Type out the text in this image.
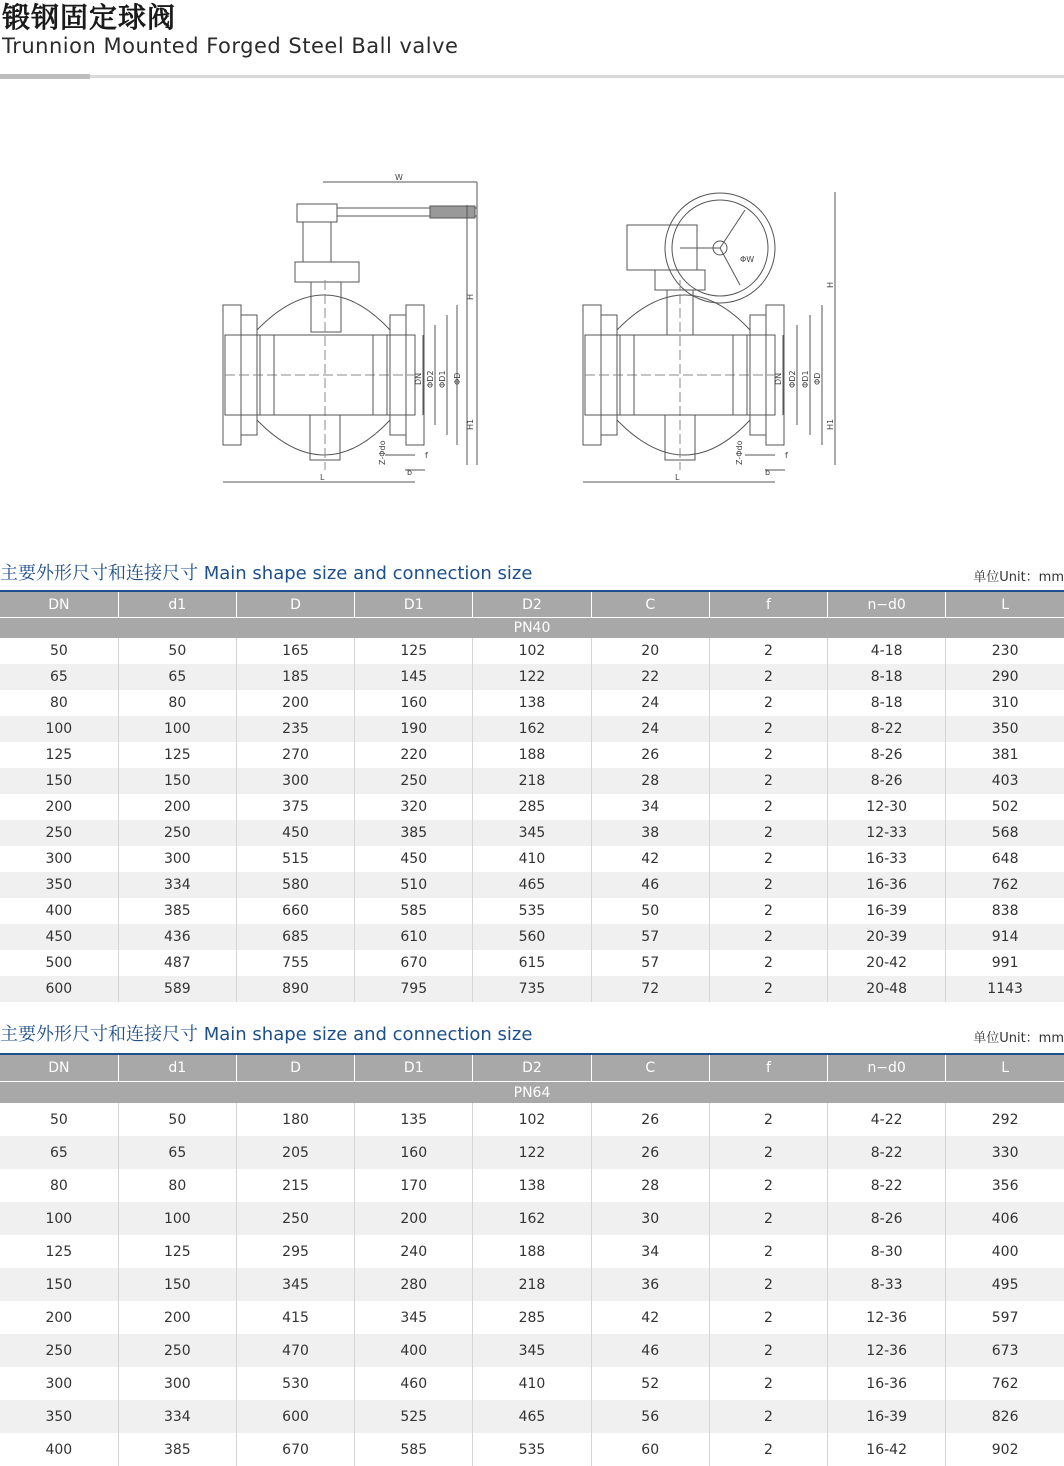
锻钢固定球阀
Trunnion Mounted Forged Steel Ball valve
W
H
H1
DN ΦD2 ΦD1 ΦD
Z-Φdo	f
b
L
ΦW
H
H1
DN ΦD2 ΦD1 ΦD
Z-Φdo	f
b
L
主要外形尺寸和连接尺寸 Main shape size and connection size	单位Unit：mm
DN	d1	D	D1	D2	C	f	n−d0	L
PN40								
50	50	165	125	102	20	2	4-18	230
65	65	185	145	122	22	2	8-18	290
80	80	200	160	138	24	2	8-18	310
100	100	235	190	162	24	2	8-22	350
125	125	270	220	188	26	2	8-26	381
150	150	300	250	218	28	2	8-26	403
200	200	375	320	285	34	2	12-30	502
250	250	450	385	345	38	2	12-33	568
300	300	515	450	410	42	2	16-33	648
350	334	580	510	465	46	2	16-36	762
400	385	660	585	535	50	2	16-39	838
450	436	685	610	560	57	2	20-39	914
500	487	755	670	615	57	2	20-42	991
600	589	890	795	735	72	2	20-48	1143
主要外形尺寸和连接尺寸 Main shape size and connection size	单位Unit：mm
DN	d1	D	D1	D2	C	f	n−d0	L
PN64								
50	50	180	135	102	26	2	4-22	292
65	65	205	160	122	26	2	8-22	330
80	80	215	170	138	28	2	8-22	356
100	100	250	200	162	30	2	8-26	406
125	125	295	240	188	34	2	8-30	400
150	150	345	280	218	36	2	8-33	495
200	200	415	345	285	42	2	12-36	597
250	250	470	400	345	46	2	12-36	673
300	300	530	460	410	52	2	16-36	762
350	334	600	525	465	56	2	16-39	826
400	385	670	585	535	60	2	16-42	902
